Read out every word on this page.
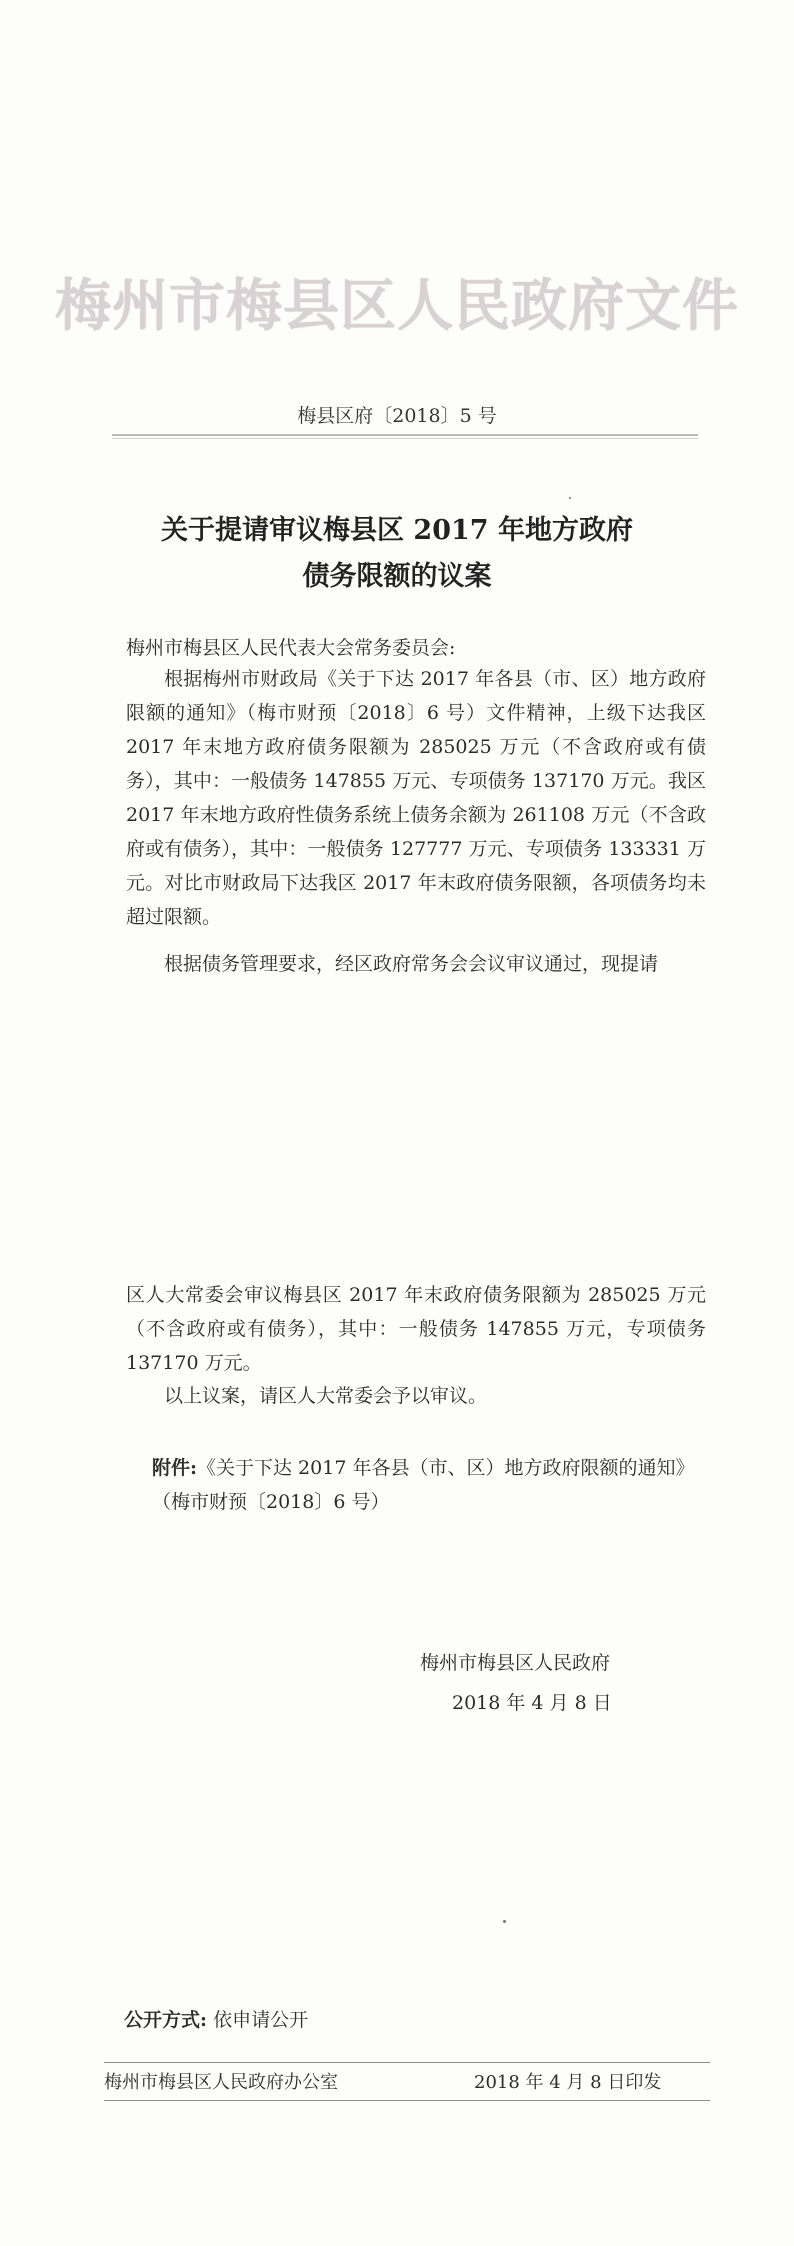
梅州市梅县区人民政府文件
梅县区府〔2018〕5 号
关于提请审议梅县区 2017 年地方政府
债务限额的议案
梅州市梅县区人民代表大会常务委员会:
根据梅州市财政局《关于下达 2017 年各县（市、区）地方政府限额的通知》（梅市财预〔2018〕6 号）文件精神，上级下达我区 2017 年末地方政府债务限额为 285025 万元（不含政府或有债务），其中：一般债务 147855 万元、专项债务 137170 万元。我区 2017 年末地方政府性债务系统上债务余额为 261108 万元（不含政府或有债务），其中：一般债务 127777 万元、专项债务 133331 万元。对比市财政局下达我区 2017 年末政府债务限额，各项债务均未超过限额。
根据债务管理要求，经区政府常务会会议审议通过，现提请
区人大常委会审议梅县区 2017 年末政府债务限额为 285025 万元（不含政府或有债务），其中：一般债务 147855 万元，专项债务 137170 万元。
以上议案，请区人大常委会予以审议。
附件:《关于下达 2017 年各县（市、区）地方政府限额的通知》（梅市财预〔2018〕6 号）
梅州市梅县区人民政府
2018 年 4 月 8 日
公开方式: 依申请公开
梅州市梅县区人民政府办公室	2018 年 4 月 8 日印发
